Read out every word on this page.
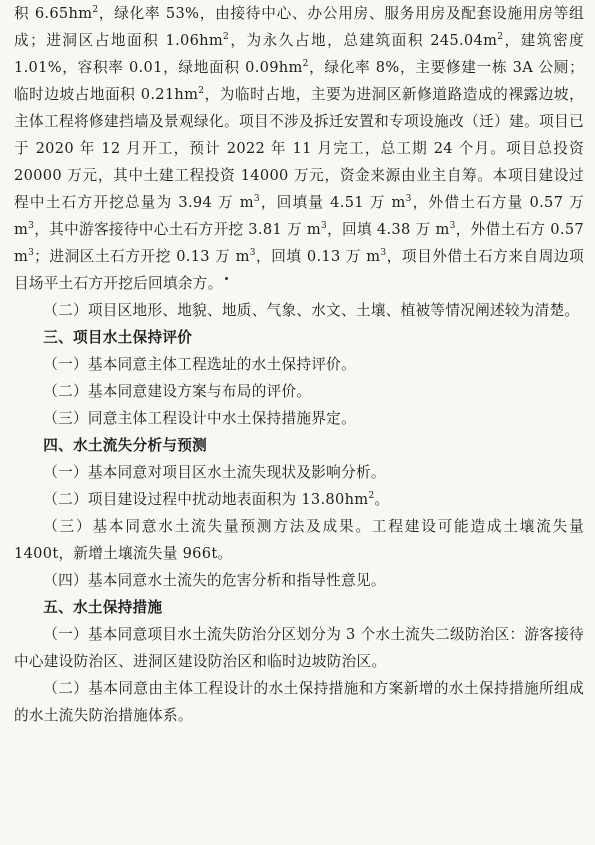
积 $6.65hm^2$，绿化率 53%，由接待中心、办公用房、服务用房及配套设施用房等组成；进洞区占地面积 $1.06hm^2$，为永久占地，总建筑面积 $245.04m^2$，建筑密度 1.01%，容积率 0.01，绿地面积 $0.09hm^2$，绿化率 8%，主要修建一栋 3A 公厕；临时边坡占地面积 $0.21hm^2$，为临时占地，主要为进洞区新修道路造成的裸露边坡，主体工程将修建挡墙及景观绿化。项目不涉及拆迁安置和专项设施改（迁）建。项目已于 2020 年 12 月开工，预计 2022 年 11 月完工，总工期 24 个月。项目总投资 20000 万元，其中土建工程投资 14000 万元，资金来源由业主自筹。本项目建设过程中土石方开挖总量为 3.94 万 $m^3$，回填量 4.51 万 $m^3$，外借土石方量 0.57 万 $m^3$，其中游客接待中心土石方开挖 3.81 万 $m^3$，回填 4.38 万 $m^3$，外借土石方 0.57 $m^3$；进洞区土石方开挖 0.13 万 $m^3$，回填 0.13 万 $m^3$，项目外借土石方来自周边项目场平土石方开挖后回填余方。

（二）项目区地形、地貌、地质、气象、水文、土壤、植被等情况阐述较为清楚。

三、项目水土保持评价

（一）基本同意主体工程选址的水土保持评价。

（二）基本同意建设方案与布局的评价。

（三）同意主体工程设计中水土保持措施界定。

四、水土流失分析与预测

（一）基本同意对项目区水土流失现状及影响分析。

（二）项目建设过程中扰动地表面积为 $13.80hm^2$。

（三）基本同意水土流失量预测方法及成果。工程建设可能造成土壤流失量 1400t，新增土壤流失量 966t。

（四）基本同意水土流失的危害分析和指导性意见。

五、水土保持措施

（一）基本同意项目水土流失防治分区划分为 3 个水土流失二级防治区：游客接待中心建设防治区、进洞区建设防治区和临时边坡防治区。

（二）基本同意由主体工程设计的水土保持措施和方案新增的水土保持措施所组成的水土流失防治措施体系。
